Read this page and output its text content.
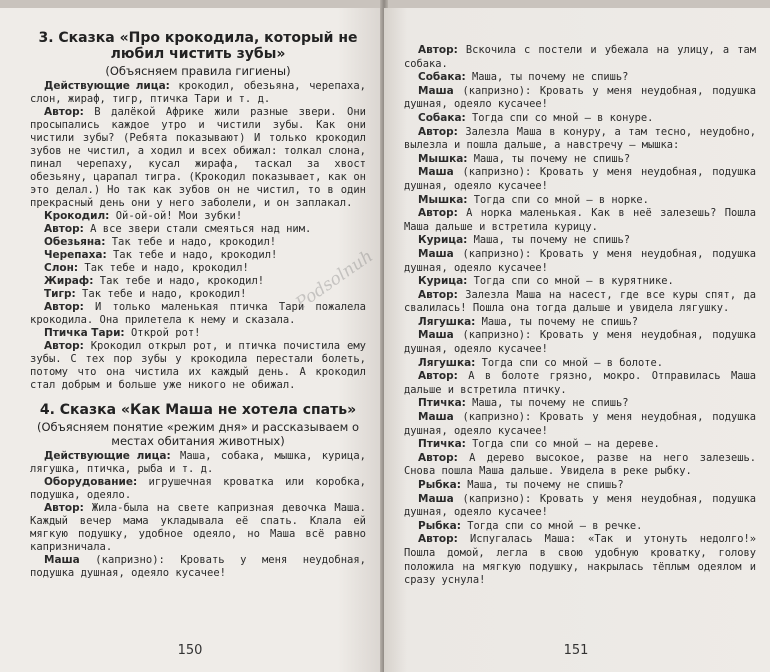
3. Сказка «Про крокодила, который не любил чистить зубы»

(Объясняем правила гигиены)

Действующие лица: крокодил, обезьяна, черепаха, слон, жираф, тигр, птичка Тари и т. д.

Автор: В далёкой Африке жили разные звери. Они просыпались каждое утро и чистили зубы. Как они чистили зубы? (Ребята показывают) И только крокодил зубов не чистил, а ходил и всех обижал: толкал слона, пинал черепаху, кусал жирафа, таскал за хвост обезьяну, царапал тигра. (Крокодил показывает, как он это делал.) Но так как зубов он не чистил, то в один прекрасный день они у него заболели, и он заплакал.

Крокодил: Ой-ой-ой! Мои зубки!

Автор: А все звери стали смеяться над ним.

Обезьяна: Так тебе и надо, крокодил!

Черепаха: Так тебе и надо, крокодил!

Слон: Так тебе и надо, крокодил!

Жираф: Так тебе и надо, крокодил!

Тигр: Так тебе и надо, крокодил!

Автор: И только маленькая птичка Тари пожалела крокодила. Она прилетела к нему и сказала.

Птичка Тари: Открой рот!

Автор: Крокодил открыл рот, и птичка почистила ему зубы. С тех пор зубы у крокодила перестали болеть, потому что она чистила их каждый день. А крокодил стал добрым и больше уже никого не обижал.

4. Сказка «Как Маша не хотела спать»

(Объясняем понятие «режим дня» и рассказываем о местах обитания животных)

Действующие лица: Маша, собака, мышка, курица, лягушка, птичка, рыба и т. д.

Оборудование: игрушечная кроватка или коробка, подушка, одеяло.

Автор: Жила-была на свете капризная девочка Маша. Каждый вечер мама укладывала её спать. Клала ей мягкую подушку, удобное одеяло, но Маша всё равно капризничала.

Маша (капризно): Кровать у меня неудобная, подушка душная, одеяло кусачее!

150

Автор: Вскочила с постели и убежала на улицу, а там собака.

Собака: Маша, ты почему не спишь?

Маша (капризно): Кровать у меня неудобная, подушка душная, одеяло кусачее!

Собака: Тогда спи со мной — в конуре.

Автор: Залезла Маша в конуру, а там тесно, неудобно, вылезла и пошла дальше, а навстречу — мышка:

Мышка: Маша, ты почему не спишь?

Маша (капризно): Кровать у меня неудобная, подушка душная, одеяло кусачее!

Мышка: Тогда спи со мной — в норке.

Автор: А норка маленькая. Как в неё залезешь? Пошла Маша дальше и встретила курицу.

Курица: Маша, ты почему не спишь?

Маша (капризно): Кровать у меня неудобная, подушка душная, одеяло кусачее!

Курица: Тогда спи со мной — в курятнике.

Автор: Залезла Маша на насест, где все куры спят, да свалилась! Пошла она тогда дальше и увидела лягушку.

Лягушка: Маша, ты почему не спишь?

Маша (капризно): Кровать у меня неудобная, подушка душная, одеяло кусачее!

Лягушка: Тогда спи со мной — в болоте.

Автор: А в болоте грязно, мокро. Отправилась Маша дальше и встретила птичку.

Птичка: Маша, ты почему не спишь?

Маша (капризно): Кровать у меня неудобная, подушка душная, одеяло кусачее!

Птичка: Тогда спи со мной — на дереве.

Автор: А дерево высокое, разве на него залезешь. Снова пошла Маша дальше. Увидела в реке рыбку.

Рыбка: Маша, ты почему не спишь?

Маша (капризно): Кровать у меня неудобная, подушка душная, одеяло кусачее!

Рыбка: Тогда спи со мной — в речке.

Автор: Испугалась Маша: «Так и утонуть недолго!» Пошла домой, легла в свою удобную кроватку, голову положила на мягкую подушку, накрылась тёплым одеялом и сразу уснула!

151
Podsolnuh
